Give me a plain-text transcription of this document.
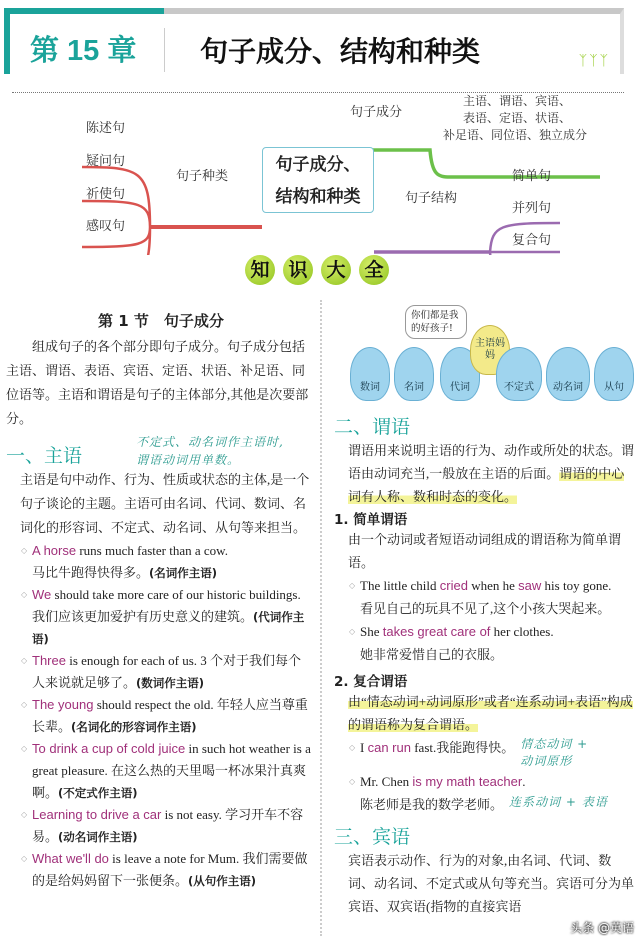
第 15 章 句子成分、结构和种类	ᛉᛉᛉ
陈述句
疑问句
祈使句
感叹句
句子种类
句子成分
主语、谓语、宾语、
表语、定语、状语、
补足语、同位语、独立成分
句子结构
简单句
并列句
复合句
句子成分、
结构和种类
知 识 大 全
第 1 节　句子成分
组成句子的各个部分即句子成分。句子成分包括主语、谓语、表语、宾语、定语、状语、补足语、同位语等。主语和谓语是句子的主体部分,其他是次要部分。
一、主语
不定式、动名词作主语时,
谓语动词用单数。
主语是句中动作、行为、性质或状态的主体,是一个句子谈论的主题。主语可由名词、代词、数词、名词化的形容词、不定式、动名词、从句等来担当。
◇ A horse runs much faster than a cow.
马比牛跑得快得多。(名词作主语)
◇ We should take more care of our historic buildings.
我们应该更加爱护有历史意义的建筑。(代词作主语)
◇ Three is enough for each of us. 3 个对于我们每个人来说就足够了。(数词作主语)
◇ The young should respect the old. 年轻人应当尊重长辈。(名词化的形容词作主语)
◇ To drink a cup of cold juice in such hot weather is a great pleasure. 在这么热的天里喝一杯冰果汁真爽啊。(不定式作主语)
◇ Learning to drive a car is not easy. 学习开车不容易。(动名词作主语)
◇ What we'll do is leave a note for Mum. 我们需要做的是给妈妈留下一张便条。(从句作主语)
你们都是我的好孩子!
数词	名词	代词
主语妈妈
不定式	动名词	从句
二、谓语
谓语用来说明主语的行为、动作或所处的状态。谓语由动词充当,一般放在主语的后面。谓语的中心词有人称、数和时态的变化。
1. 简单谓语
由一个动词或者短语动词组成的谓语称为简单谓语。
◇ The little child cried when he saw his toy gone.
看见自己的玩具不见了,这个小孩大哭起来。
◇ She takes great care of her clothes.
她非常爱惜自己的衣服。
2. 复合谓语
由“情态动词+动词原形”或者“连系动词+表语”构成的谓语称为复合谓语。
◇ I can run fast.我能跑得快。 情态动词 + 动词原形
◇ Mr. Chen is my math teacher.
陈老师是我的数学老师。 连系动词 + 表语
三、宾语
宾语表示动作、行为的对象,由名词、代词、数词、动名词、不定式或从句等充当。宾语可分为单宾语、双宾语(指物的直接宾语
头条 @英语
